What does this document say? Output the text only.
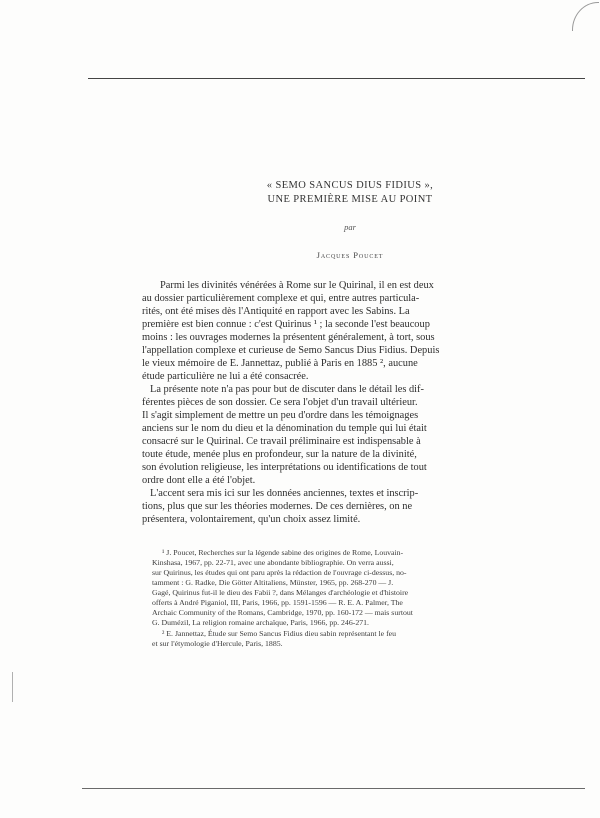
« SEMO SANCUS DIUS FIDIUS »,
UNE PREMIÈRE MISE AU POINT
par
Jacques Poucet
Parmi les divinités vénérées à Rome sur le Quirinal, il en est deux
au dossier particulièrement complexe et qui, entre autres particula-
rités, ont été mises dès l'Antiquité en rapport avec les Sabins. La
première est bien connue : c'est Quirinus ¹ ; la seconde l'est beaucoup
moins : les ouvrages modernes la présentent généralement, à tort, sous
l'appellation complexe et curieuse de Semo Sancus Dius Fidius. Depuis
le vieux mémoire de E. Jannettaz, publié à Paris en 1885 ², aucune
étude particulière ne lui a été consacrée.
La présente note n'a pas pour but de discuter dans le détail les dif-
férentes pièces de son dossier. Ce sera l'objet d'un travail ultérieur.
Il s'agit simplement de mettre un peu d'ordre dans les témoignages
anciens sur le nom du dieu et la dénomination du temple qui lui était
consacré sur le Quirinal. Ce travail préliminaire est indispensable à
toute étude, menée plus en profondeur, sur la nature de la divinité,
son évolution religieuse, les interprétations ou identifications de tout
ordre dont elle a été l'objet.
L'accent sera mis ici sur les données anciennes, textes et inscrip-
tions, plus que sur les théories modernes. De ces dernières, on ne
présentera, volontairement, qu'un choix assez limité.
¹ J. Poucet, Recherches sur la légende sabine des origines de Rome, Louvain-
Kinshasa, 1967, pp. 22-71, avec une abondante bibliographie. On verra aussi,
sur Quirinus, les études qui ont paru après la rédaction de l'ouvrage ci-dessus, no-
tamment : G. Radke, Die Götter Altitaliens, Münster, 1965, pp. 268-270 — J.
Gagé, Quirinus fut-il le dieu des Fabii ?, dans Mélanges d'archéologie et d'histoire
offerts à André Piganiol, III, Paris, 1966, pp. 1591-1596 — R. E. A. Palmer, The
Archaic Community of the Romans, Cambridge, 1970, pp. 160-172 — mais surtout
G. Dumézil, La religion romaine archaïque, Paris, 1966, pp. 246-271.
² E. Jannettaz, Étude sur Semo Sancus Fidius dieu sabin représentant le feu
et sur l'étymologie d'Hercule, Paris, 1885.
